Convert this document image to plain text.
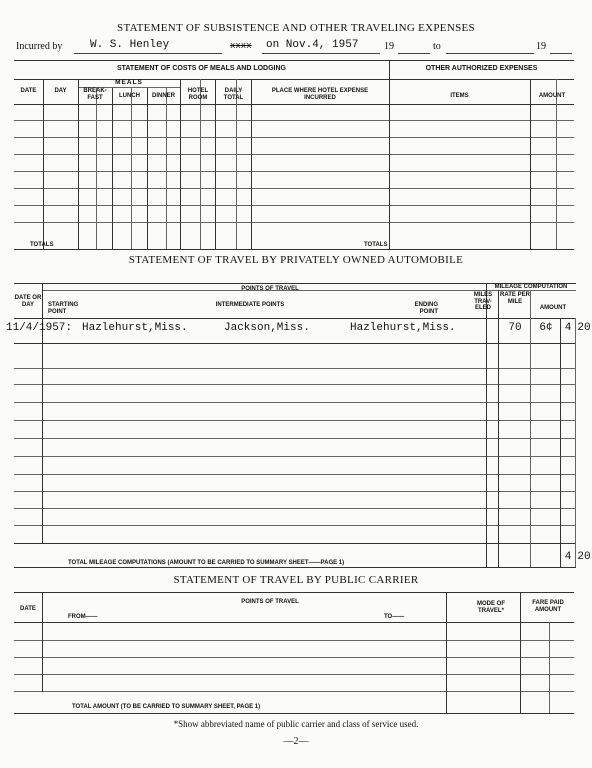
STATEMENT OF SUBSISTENCE AND OTHER TRAVELING EXPENSES
Incurred by	W. S. Henley	xxxx on Nov.4, 1957	19	to	19
STATEMENT OF COSTS OF MEALS AND LODGING	OTHER AUTHORIZED EXPENSES
DATE	DAY
MEALS
BREAK- FAST	LUNCH	DINNER
HOTEL ROOM
DAILY TOTAL
PLACE WHERE HOTEL EXPENSE INCURRED	ITEMS	AMOUNT
TOTALS	TOTALS
STATEMENT OF TRAVEL BY PRIVATELY OWNED AUTOMOBILE
POINTS OF TRAVEL	MILEAGE COMPUTATION
DATE OR DAY	STARTING POINT
INTERMEDIATE POINTS	ENDING POINT
MILES TRAV- ELED
RATE PER MILE
AMOUNT
11/4/1957: Hazlehurst,Miss.	Jackson,Miss.	Hazlehurst,Miss.	70	6¢	4 20
TOTAL MILEAGE COMPUTATIONS (AMOUNT TO BE CARRIED TO SUMMARY SHEET——PAGE 1)	4 20
STATEMENT OF TRAVEL BY PUBLIC CARRIER
DATE
POINTS OF TRAVEL
FROM——	TO——
MODE OF TRAVEL*
FARE PAID AMOUNT
TOTAL AMOUNT (TO BE CARRIED TO SUMMARY SHEET, PAGE 1)
*Show abbreviated name of public carrier and class of service used.
—2—
